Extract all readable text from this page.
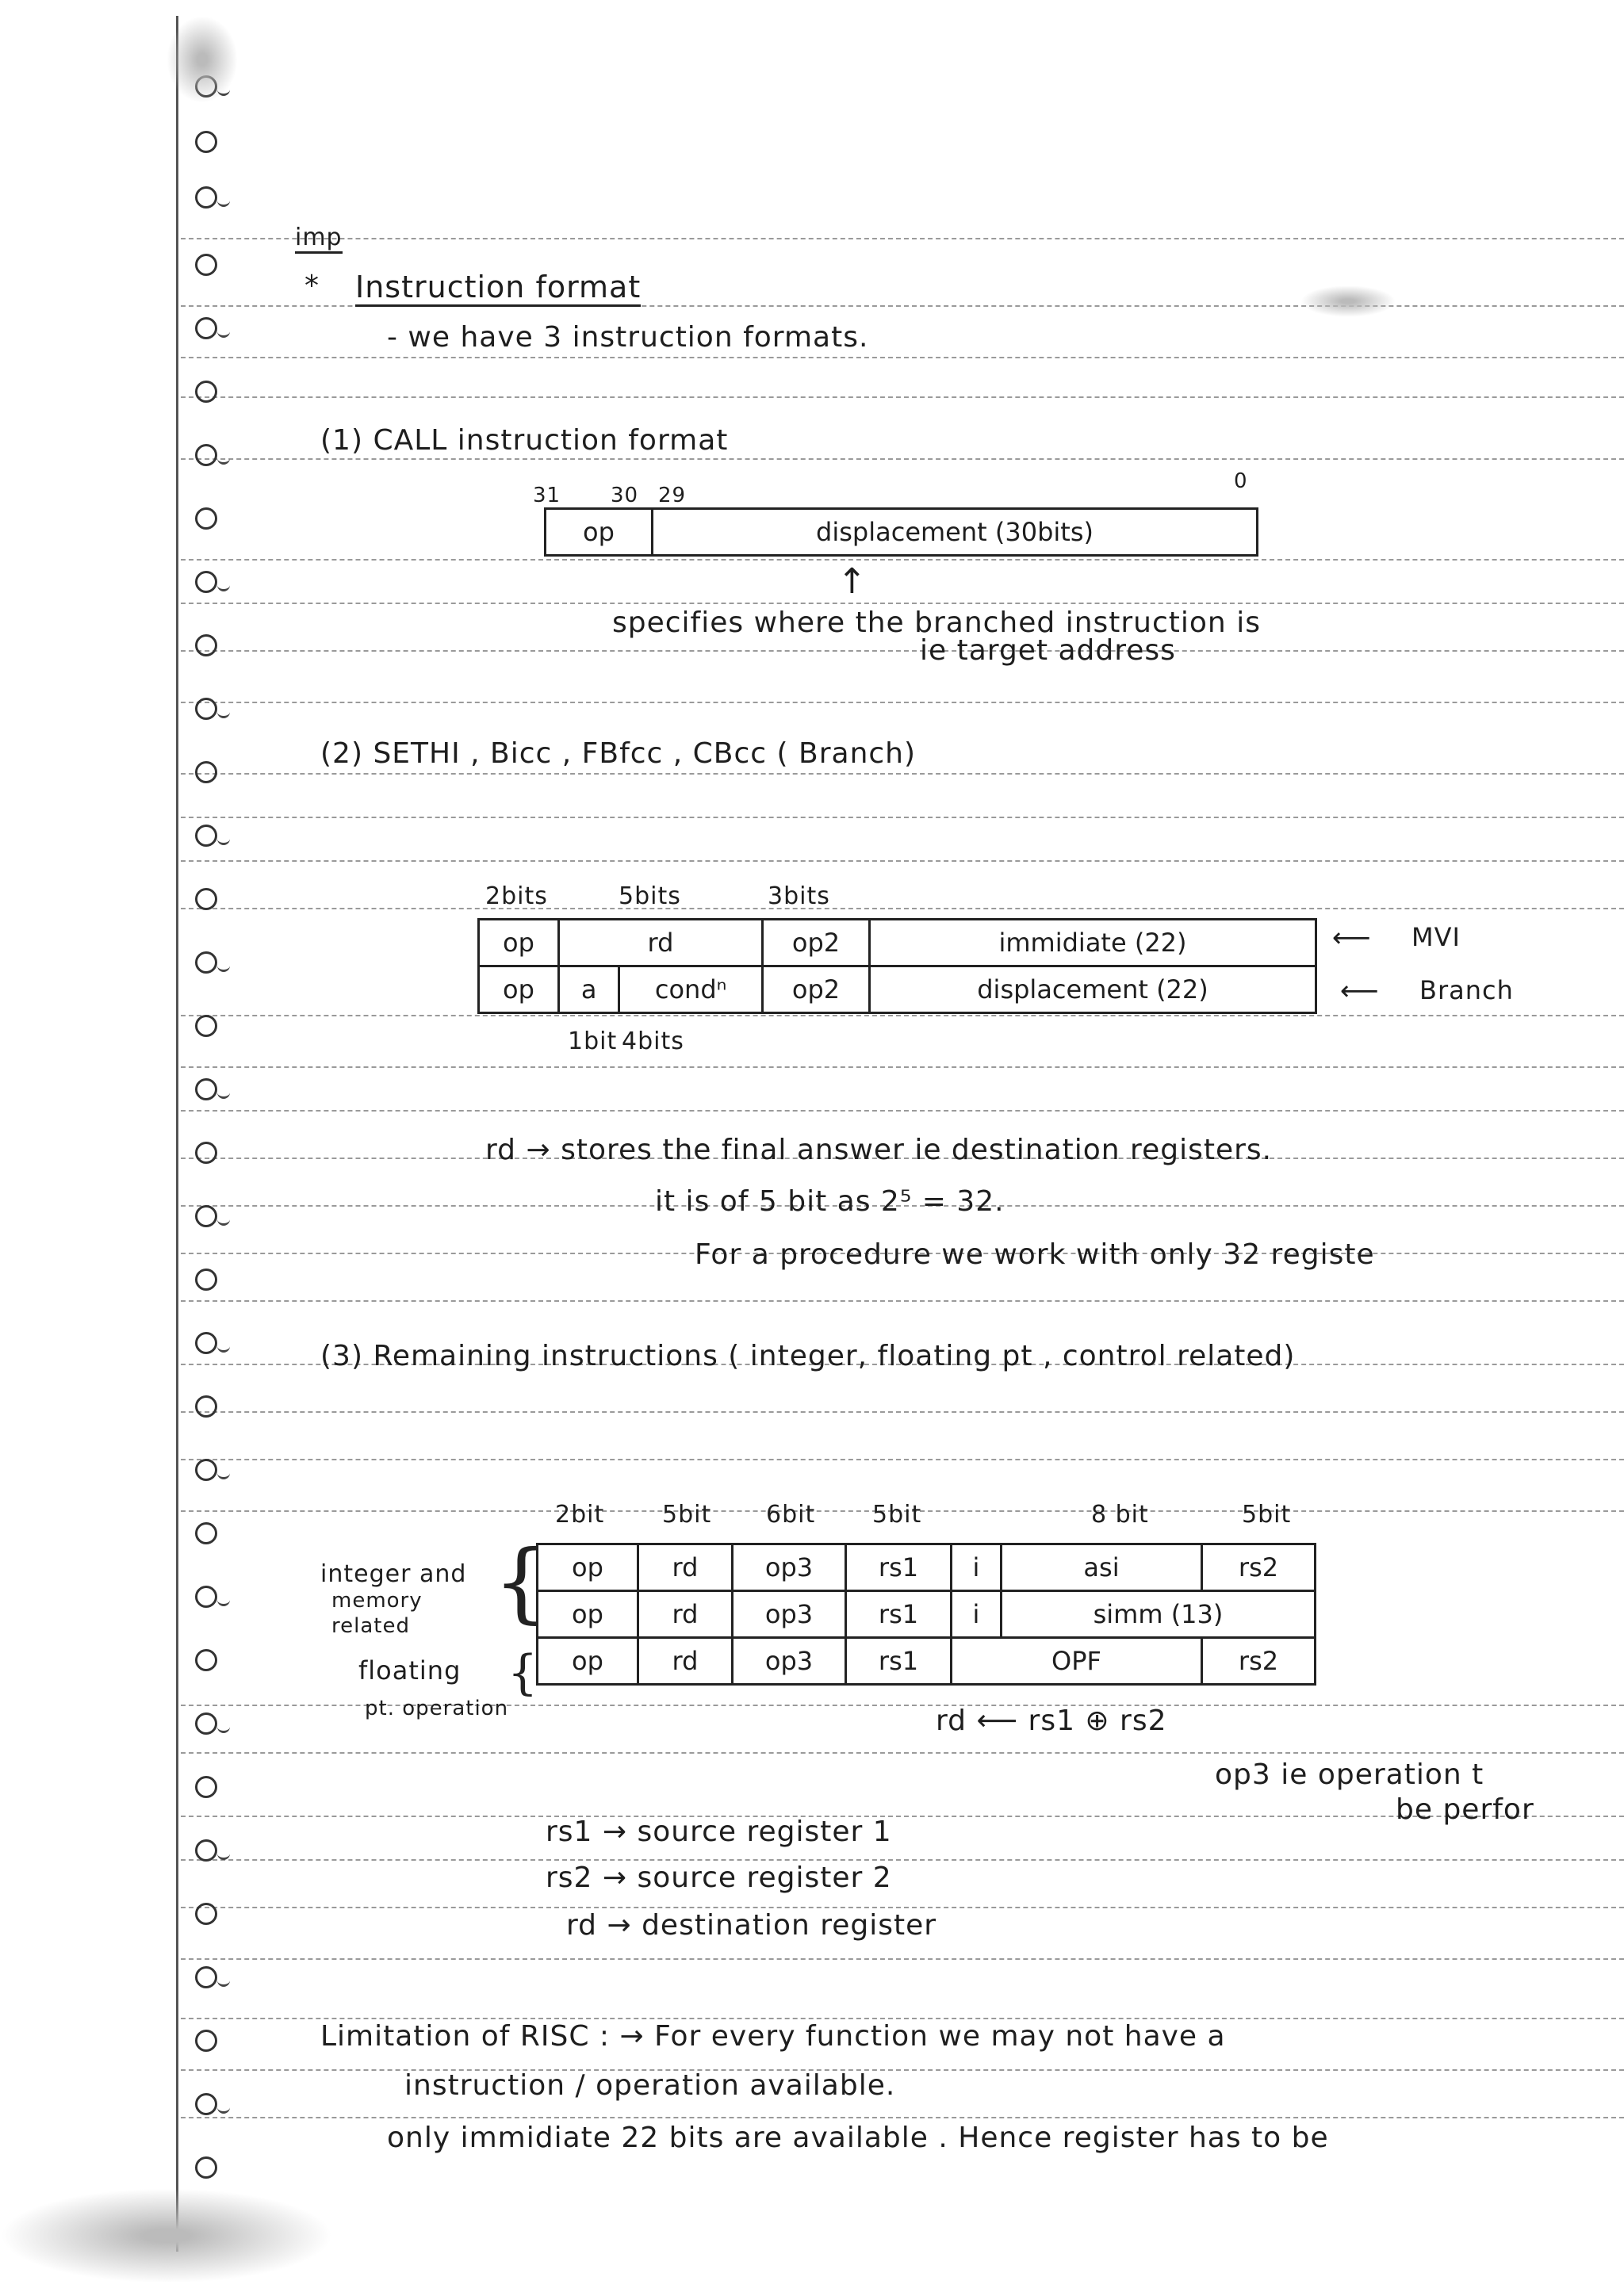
imp
* Instruction format
- we have 3 instruction formats.
(1) CALL instruction format
31 30 29
0
op	displacement (30bits)
↑
specifies where the branched instruction is
ie target address
(2) SETHI , Bicc , FBfcc , CBcc ( Branch)
2bits	5bits	3bits
op	rd		op2	immidiate (22)
op	a	condⁿ	op2	displacement (22)
⟵ MVI
⟵ Branch
1bit 4bits
rd → stores the final answer ie destination registers.
it is of 5 bit as 2⁵ = 32.
For a procedure we work with only 32 registe
(3) Remaining instructions ( integer, floating pt , control related)
2bit 5bit 6bit 5bit	8 bit	5bit
integer and
memory
related {
floating
pt. operation
{
op	rd	op3	rs1	i	asi	rs2
op	rd	op3	rs1	i	simm (13)	
op	rd	op3	rs1	OPF		rs2
rd ⟵ rs1 ⊕ rs2
op3 ie operation t
be perfor
rs1 → source register 1
rs2 → source register 2
rd → destination register
Limitation of RISC : → For every function we may not have a
instruction / operation available.
only immidiate 22 bits are available . Hence register has to be
